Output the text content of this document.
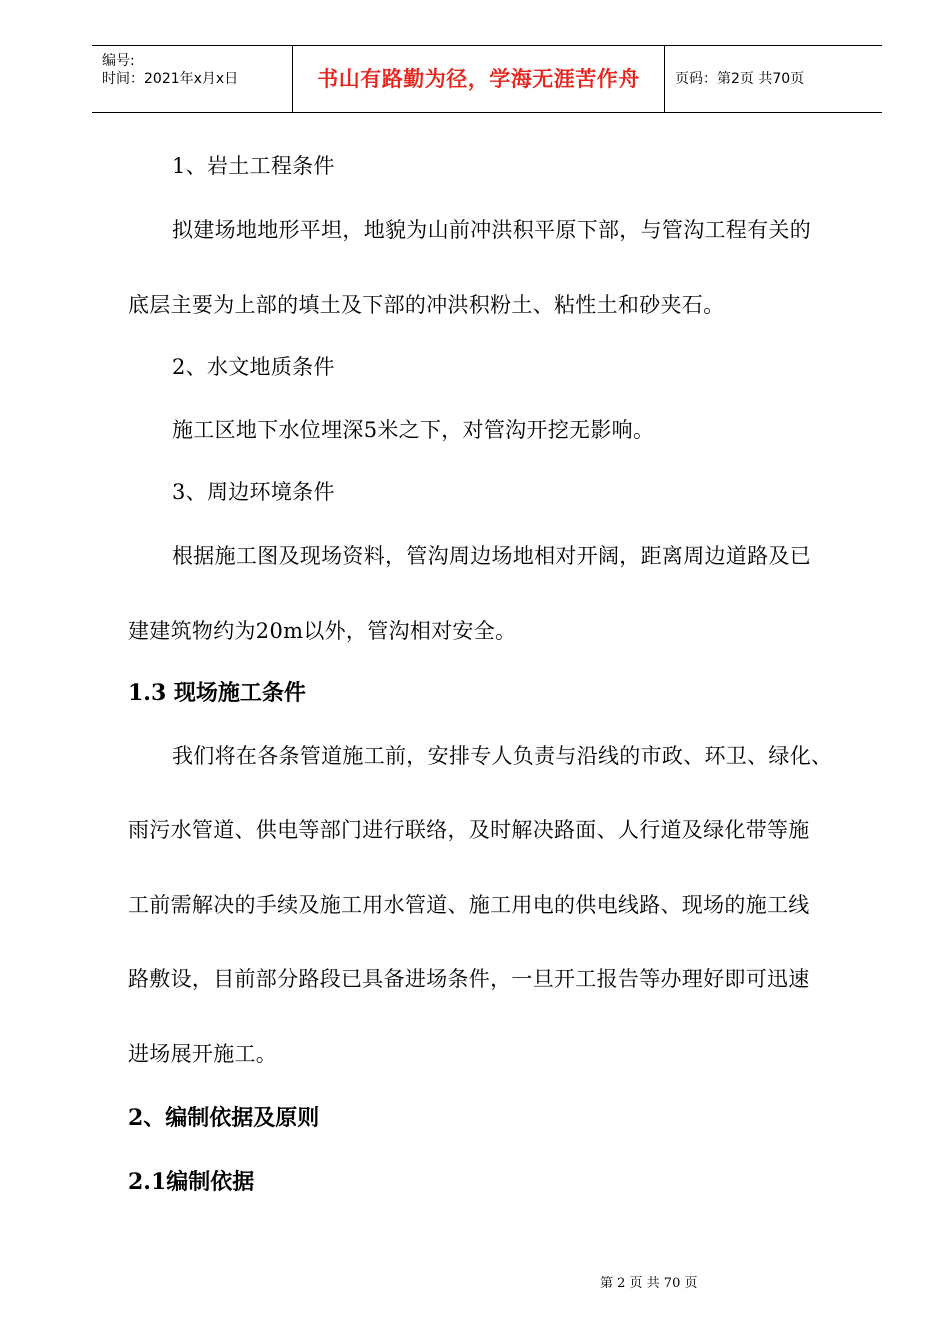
编号:
时间：2021年x月x日	书山有路勤为径，学海无涯苦作舟	页码：第2页 共70页
1、岩土工程条件
拟建场地地形平坦，地貌为山前冲洪积平原下部，与管沟工程有关的
底层主要为上部的填土及下部的冲洪积粉土、粘性土和砂夹石。
2、水文地质条件
施工区地下水位埋深5米之下，对管沟开挖无影响。
3、周边环境条件
根据施工图及现场资料，管沟周边场地相对开阔，距离周边道路及已
建建筑物约为20m以外，管沟相对安全。
1.3 现场施工条件
我们将在各条管道施工前，安排专人负责与沿线的市政、环卫、绿化、
雨污水管道、供电等部门进行联络，及时解决路面、人行道及绿化带等施
工前需解决的手续及施工用水管道、施工用电的供电线路、现场的施工线
路敷设，目前部分路段已具备进场条件，一旦开工报告等办理好即可迅速
进场展开施工。
2、编制依据及原则
2.1编制依据
第 2 页 共 70 页
